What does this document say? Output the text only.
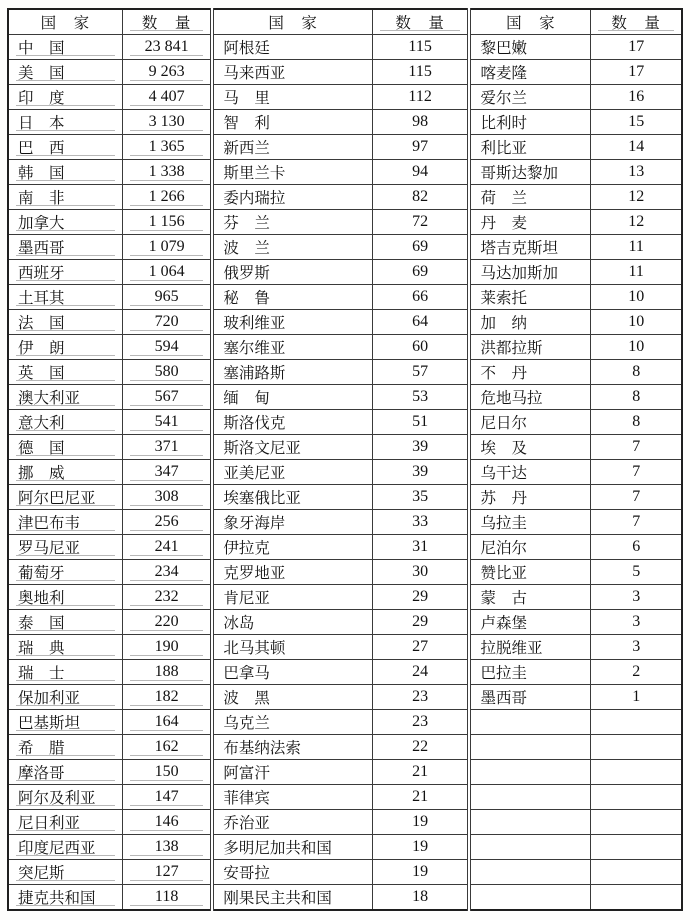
国　家	数　量	国　家	数　量	国　家	数　量
中　国	23 841	阿根廷	115	黎巴嫩	17
美　国	9 263	马来西亚	115	喀麦隆	17
印　度	4 407	马　里	112	爱尔兰	16
日　本	3 130	智　利	98	比利时	15
巴　西	1 365	新西兰	97	利比亚	14
韩　国	1 338	斯里兰卡	94	哥斯达黎加	13
南　非	1 266	委内瑞拉	82	荷　兰	12
加拿大	1 156	芬　兰	72	丹　麦	12
墨西哥	1 079	波　兰	69	塔吉克斯坦	11
西班牙	1 064	俄罗斯	69	马达加斯加	11
土耳其	965	秘　鲁	66	莱索托	10
法　国	720	玻利维亚	64	加　纳	10
伊　朗	594	塞尔维亚	60	洪都拉斯	10
英　国	580	塞浦路斯	57	不　丹	8
澳大利亚	567	缅　甸	53	危地马拉	8
意大利	541	斯洛伐克	51	尼日尔	8
德　国	371	斯洛文尼亚	39	埃　及	7
挪　威	347	亚美尼亚	39	乌干达	7
阿尔巴尼亚	308	埃塞俄比亚	35	苏　丹	7
津巴布韦	256	象牙海岸	33	乌拉圭	7
罗马尼亚	241	伊拉克	31	尼泊尔	6
葡萄牙	234	克罗地亚	30	赞比亚	5
奥地利	232	肯尼亚	29	蒙　古	3
泰　国	220	冰岛	29	卢森堡	3
瑞　典	190	北马其顿	27	拉脱维亚	3
瑞　士	188	巴拿马	24	巴拉圭	2
保加利亚	182	波　黑	23	墨西哥	1
巴基斯坦	164	乌克兰	23		
希　腊	162	布基纳法索	22		
摩洛哥	150	阿富汗	21		
阿尔及利亚	147	菲律宾	21		
尼日利亚	146	乔治亚	19		
印度尼西亚	138	多明尼加共和国	19		
突尼斯	127	安哥拉	19		
捷克共和国	118	刚果民主共和国	18		
